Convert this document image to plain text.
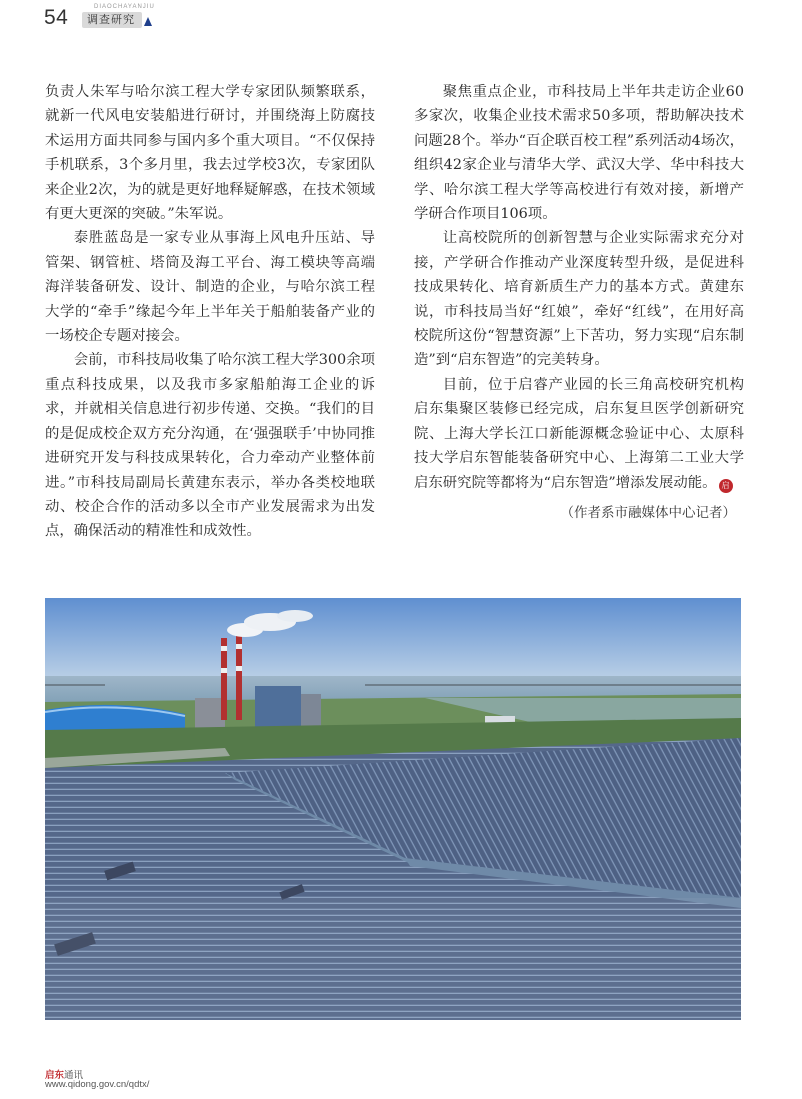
54	DIAOCHAYANJIU
调查研究

负责人朱军与哈尔滨工程大学专家团队频繁联系，就新一代风电安装船进行研讨，并围绕海上防腐技术运用方面共同参与国内多个重大项目。“不仅保持手机联系，3个多月里，我去过学校3次，专家团队来企业2次，为的就是更好地释疑解惑，在技术领域有更大更深的突破。”朱军说。

泰胜蓝岛是一家专业从事海上风电升压站、导管架、钢管桩、塔筒及海工平台、海工模块等高端海洋装备研发、设计、制造的企业，与哈尔滨工程大学的“牵手”缘起今年上半年关于船舶装备产业的一场校企专题对接会。

会前，市科技局收集了哈尔滨工程大学300余项重点科技成果，以及我市多家船舶海工企业的诉求，并就相关信息进行初步传递、交换。“我们的目的是促成校企双方充分沟通，在‘强强联手’中协同推进研究开发与科技成果转化，合力牵动产业整体前进。”市科技局副局长黄建东表示，举办各类校地联动、校企合作的活动多以全市产业发展需求为出发点，确保活动的精准性和成效性。

聚焦重点企业，市科技局上半年共走访企业60多家次，收集企业技术需求50多项，帮助解决技术问题28个。举办“百企联百校工程”系列活动4场次，组织42家企业与清华大学、武汉大学、华中科技大学、哈尔滨工程大学等高校进行有效对接，新增产学研合作项目106项。

让高校院所的创新智慧与企业实际需求充分对接，产学研合作推动产业深度转型升级，是促进科技成果转化、培育新质生产力的基本方式。黄建东说，市科技局当好“红娘”，牵好“红线”，在用好高校院所这份“智慧资源”上下苦功，努力实现“启东制造”到“启东智造”的完美转身。

目前，位于启睿产业园的长三角高校研究机构启东集聚区装修已经完成，启东复旦医学创新研究院、上海大学长江口新能源概念验证中心、太原科技大学启东智能装备研究中心、上海第二工业大学启东研究院等都将为“启东智造”增添发展动能。 启

（作者系市融媒体中心记者）

启东通讯
www.qidong.gov.cn/qdtx/
